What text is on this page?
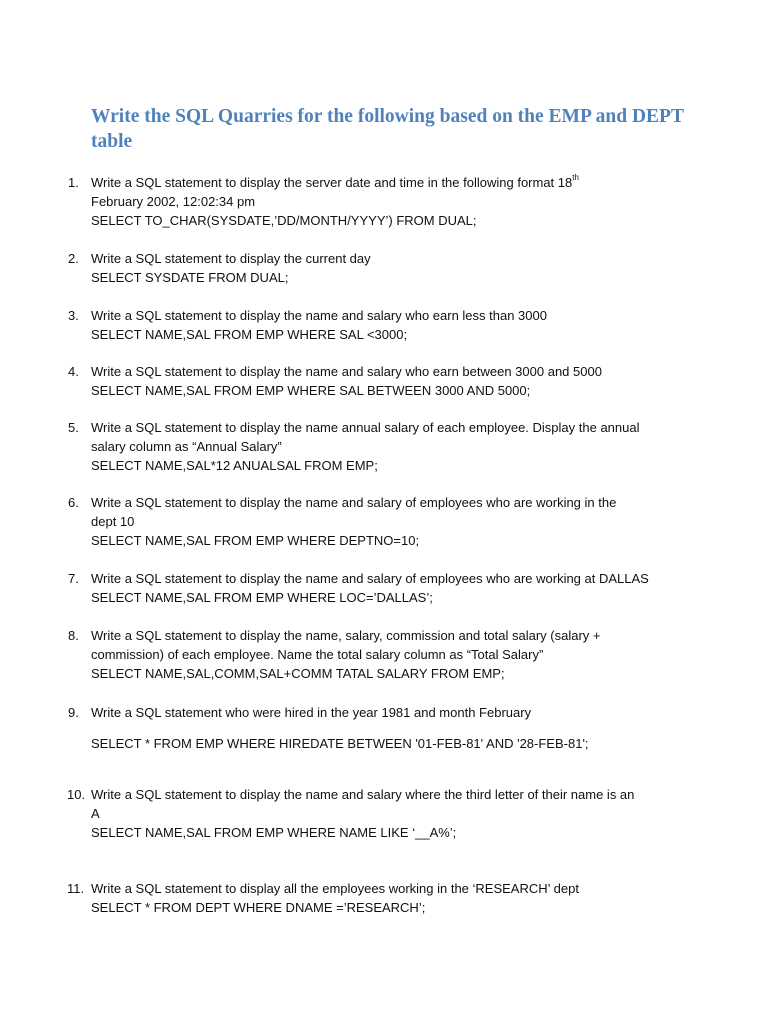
Write the SQL Quarries for the following based on the EMP and DEPT table
1. Write a SQL statement to display the server date and time in the following format 18th
February 2002, 12:02:34 pm
SELECT TO_CHAR(SYSDATE,’DD/MONTH/YYYY’) FROM DUAL;
2. Write a SQL statement to display the current day
SELECT SYSDATE FROM DUAL;
3. Write a SQL statement to display the name and salary who earn less than 3000
SELECT NAME,SAL FROM EMP WHERE SAL <3000;
4. Write a SQL statement to display the name and salary who earn between 3000 and 5000
SELECT NAME,SAL FROM EMP WHERE SAL BETWEEN 3000 AND 5000;
5. Write a SQL statement to display the name annual salary of each employee. Display the annual
salary column as “Annual Salary”
SELECT NAME,SAL*12 ANUALSAL FROM EMP;
6. Write a SQL statement to display the name and salary of employees who are working in the
dept 10
SELECT NAME,SAL FROM EMP WHERE DEPTNO=10;
7. Write a SQL statement to display the name and salary of employees who are working at DALLAS
SELECT NAME,SAL FROM EMP WHERE LOC=’DALLAS’;
8. Write a SQL statement to display the name, salary, commission and total salary (salary +
commission) of each employee. Name the total salary column as “Total Salary”
SELECT NAME,SAL,COMM,SAL+COMM TATAL SALARY FROM EMP;
9. Write a SQL statement who were hired in the year 1981 and month February
SELECT * FROM EMP WHERE HIREDATE BETWEEN '01-FEB-81' AND '28-FEB-81';
10. Write a SQL statement to display the name and salary where the third letter of their name is an
A
SELECT NAME,SAL FROM EMP WHERE NAME LIKE ‘__A%’;
11. Write a SQL statement to display all the employees working in the ‘RESEARCH’ dept
SELECT * FROM DEPT WHERE DNAME =’RESEARCH’;
